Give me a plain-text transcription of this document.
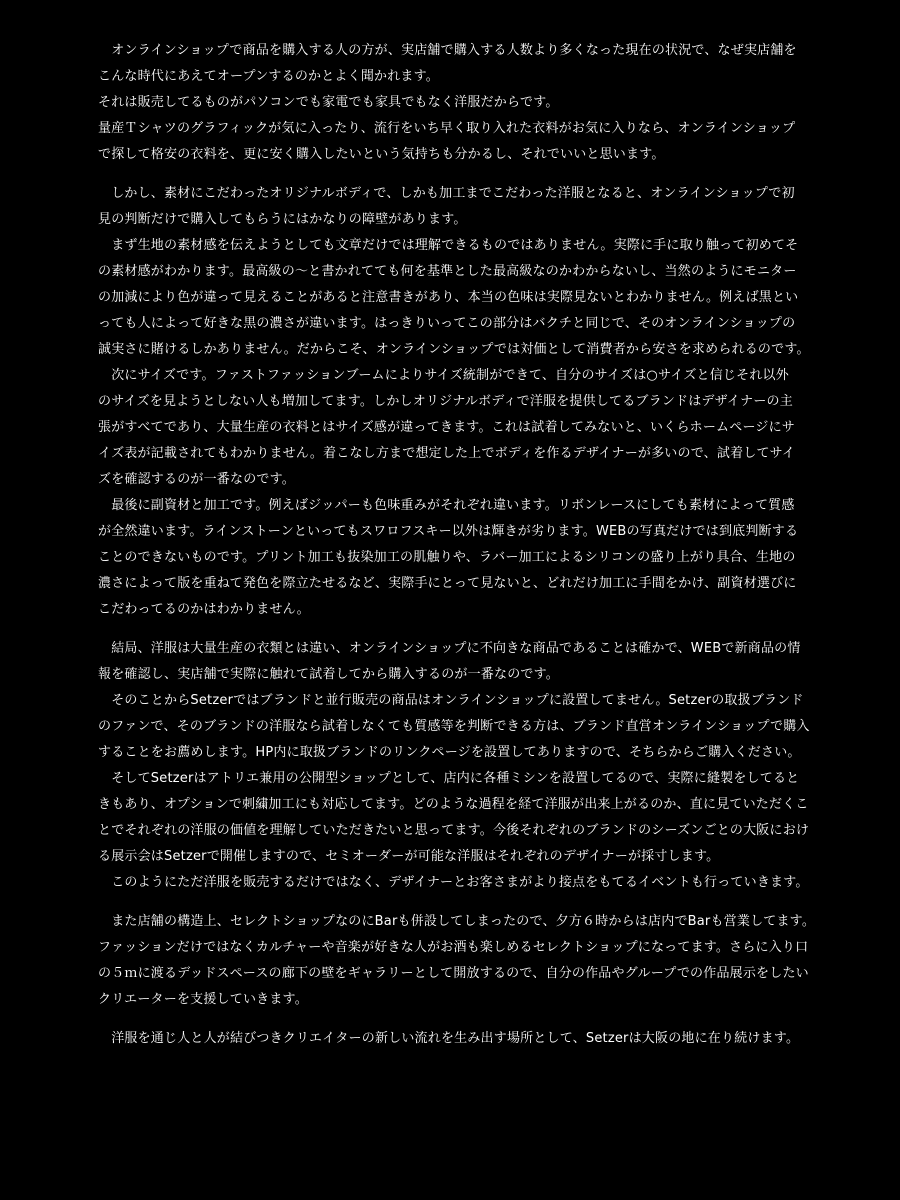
　オンラインショップで商品を購入する人の方が、実店舗で購入する人数より多くなった現在の状況で、なぜ実店舗を
こんな時代にあえてオープンするのかとよく聞かれます。
それは販売してるものがパソコンでも家電でも家具でもなく洋服だからです。
量産Ｔシャツのグラフィックが気に入ったり、流行をいち早く取り入れた衣料がお気に入りなら、オンラインショップ
で探して格安の衣料を、更に安く購入したいという気持ちも分かるし、それでいいと思います。
　しかし、素材にこだわったオリジナルボディで、しかも加工までこだわった洋服となると、オンラインショップで初
見の判断だけで購入してもらうにはかなりの障壁があります。
　まず生地の素材感を伝えようとしても文章だけでは理解できるものではありません。実際に手に取り触って初めてそ
の素材感がわかります。最高級の〜と書かれてても何を基準とした最高級なのかわからないし、当然のようにモニター
の加減により色が違って見えることがあると注意書きがあり、本当の色味は実際見ないとわかりません。例えば黒とい
っても人によって好きな黒の濃さが違います。はっきりいってこの部分はバクチと同じで、そのオンラインショップの
誠実さに賭けるしかありません。だからこそ、オンラインショップでは対価として消費者から安さを求められるのです。
　次にサイズです。ファストファッションブームによりサイズ統制ができて、自分のサイズは○サイズと信じそれ以外
のサイズを見ようとしない人も増加してます。しかしオリジナルボディで洋服を提供してるブランドはデザイナーの主
張がすべてであり、大量生産の衣料とはサイズ感が違ってきます。これは試着してみないと、いくらホームページにサ
イズ表が記載されてもわかりません。着こなし方まで想定した上でボディを作るデザイナーが多いので、試着してサイ
ズを確認するのが一番なのです。
　最後に副資材と加工です。例えばジッパーも色味重みがそれぞれ違います。リボンレースにしても素材によって質感
が全然違います。ラインストーンといってもスワロフスキー以外は輝きが劣ります。WEBの写真だけでは到底判断する
ことのできないものです。プリント加工も抜染加工の肌触りや、ラバー加工によるシリコンの盛り上がり具合、生地の
濃さによって版を重ねて発色を際立たせるなど、実際手にとって見ないと、どれだけ加工に手間をかけ、副資材選びに
こだわってるのかはわかりません。
　結局、洋服は大量生産の衣類とは違い、オンラインショップに不向きな商品であることは確かで、WEBで新商品の情
報を確認し、実店舗で実際に触れて試着してから購入するのが一番なのです。
　そのことからSetzerではブランドと並行販売の商品はオンラインショップに設置してません。Setzerの取扱ブランド
のファンで、そのブランドの洋服なら試着しなくても質感等を判断できる方は、ブランド直営オンラインショップで購入
することをお薦めします。HP内に取扱ブランドのリンクページを設置してありますので、そちらからご購入ください。
　そしてSetzerはアトリエ兼用の公開型ショップとして、店内に各種ミシンを設置してるので、実際に縫製をしてると
きもあり、オプションで刺繍加工にも対応してます。どのような過程を経て洋服が出来上がるのか、直に見ていただくこ
とでそれぞれの洋服の価値を理解していただきたいと思ってます。今後それぞれのブランドのシーズンごとの大阪におけ
る展示会はSetzerで開催しますので、セミオーダーが可能な洋服はそれぞれのデザイナーが採寸します。
　このようにただ洋服を販売するだけではなく、デザイナーとお客さまがより接点をもてるイベントも行っていきます。
　また店舗の構造上、セレクトショップなのにBarも併設してしまったので、夕方６時からは店内でBarも営業してます。
ファッションだけではなくカルチャーや音楽が好きな人がお酒も楽しめるセレクトショップになってます。さらに入り口
の５ｍに渡るデッドスペースの廊下の壁をギャラリーとして開放するので、自分の作品やグループでの作品展示をしたい
クリエーターを支援していきます。
　洋服を通じ人と人が結びつきクリエイターの新しい流れを生み出す場所として、Setzerは大阪の地に在り続けます。
